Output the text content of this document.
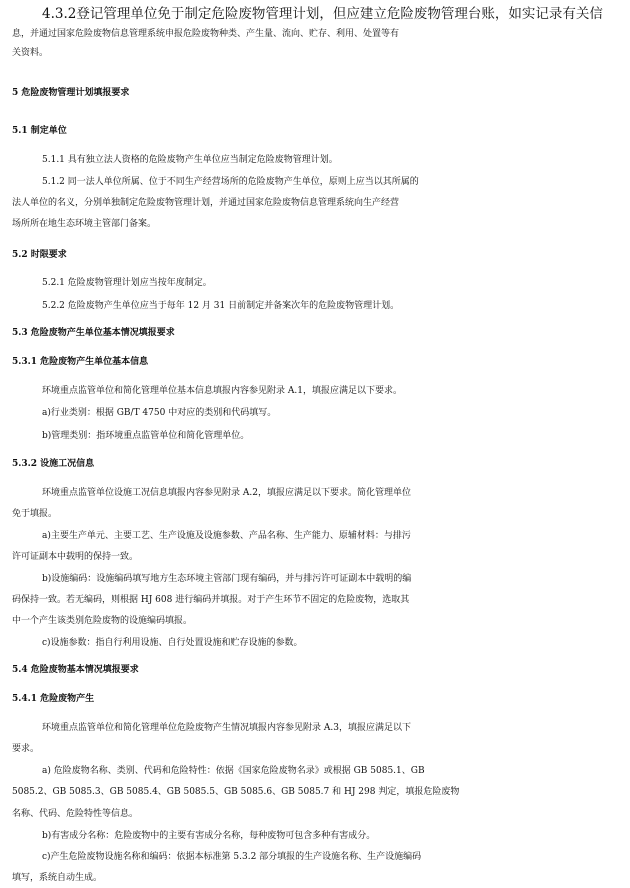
4.3.2登记管理单位免于制定危险废物管理计划，但应建立危险废物管理台账，如实记录有关信
息，并通过国家危险废物信息管理系统申报危险废物种类、产生量、流向、贮存、利用、处置等有
关资料。
5 危险废物管理计划填报要求
5.1 制定单位
5.1.1 具有独立法人资格的危险废物产生单位应当制定危险废物管理计划。
5.1.2 同一法人单位所属、位于不同生产经营场所的危险废物产生单位，原则上应当以其所属的
法人单位的名义，分别单独制定危险废物管理计划，并通过国家危险废物信息管理系统向生产经营
场所所在地生态环境主管部门备案。
5.2 时限要求
5.2.1 危险废物管理计划应当按年度制定。
5.2.2 危险废物产生单位应当于每年 12 月 31 日前制定并备案次年的危险废物管理计划。
5.3 危险废物产生单位基本情况填报要求
5.3.1 危险废物产生单位基本信息
环境重点监管单位和简化管理单位基本信息填报内容参见附录 A.1，填报应满足以下要求。
a)行业类别：根据 GB/T 4750 中对应的类别和代码填写。
b)管理类别：指环境重点监管单位和简化管理单位。
5.3.2 设施工况信息
环境重点监管单位设施工况信息填报内容参见附录 A.2，填报应满足以下要求。简化管理单位
免于填报。
a)主要生产单元、主要工艺、生产设施及设施参数、产品名称、生产能力、原辅材料：与排污
许可证副本中载明的保持一致。
b)设施编码：设施编码填写地方生态环境主管部门现有编码，并与排污许可证副本中载明的编
码保持一致。若无编码，则根据 HJ 608 进行编码并填报。对于产生环节不固定的危险废物，选取其
中一个产生该类别危险废物的设施编码填报。
c)设施参数：指自行利用设施、自行处置设施和贮存设施的参数。
5.4 危险废物基本情况填报要求
5.4.1 危险废物产生
环境重点监管单位和简化管理单位危险废物产生情况填报内容参见附录 A.3，填报应满足以下
要求。
a) 危险废物名称、类别、代码和危险特性：依据《国家危险废物名录》或根据 GB 5085.1、GB
5085.2、GB 5085.3、GB 5085.4、GB 5085.5、GB 5085.6、GB 5085.7 和 HJ 298 判定，填报危险废物
名称、代码、危险特性等信息。
b)有害成分名称：危险废物中的主要有害成分名称，每种废物可包含多种有害成分。
c)产生危险废物设施名称和编码：依据本标准第 5.3.2 部分填报的生产设施名称、生产设施编码
填写，系统自动生成。
